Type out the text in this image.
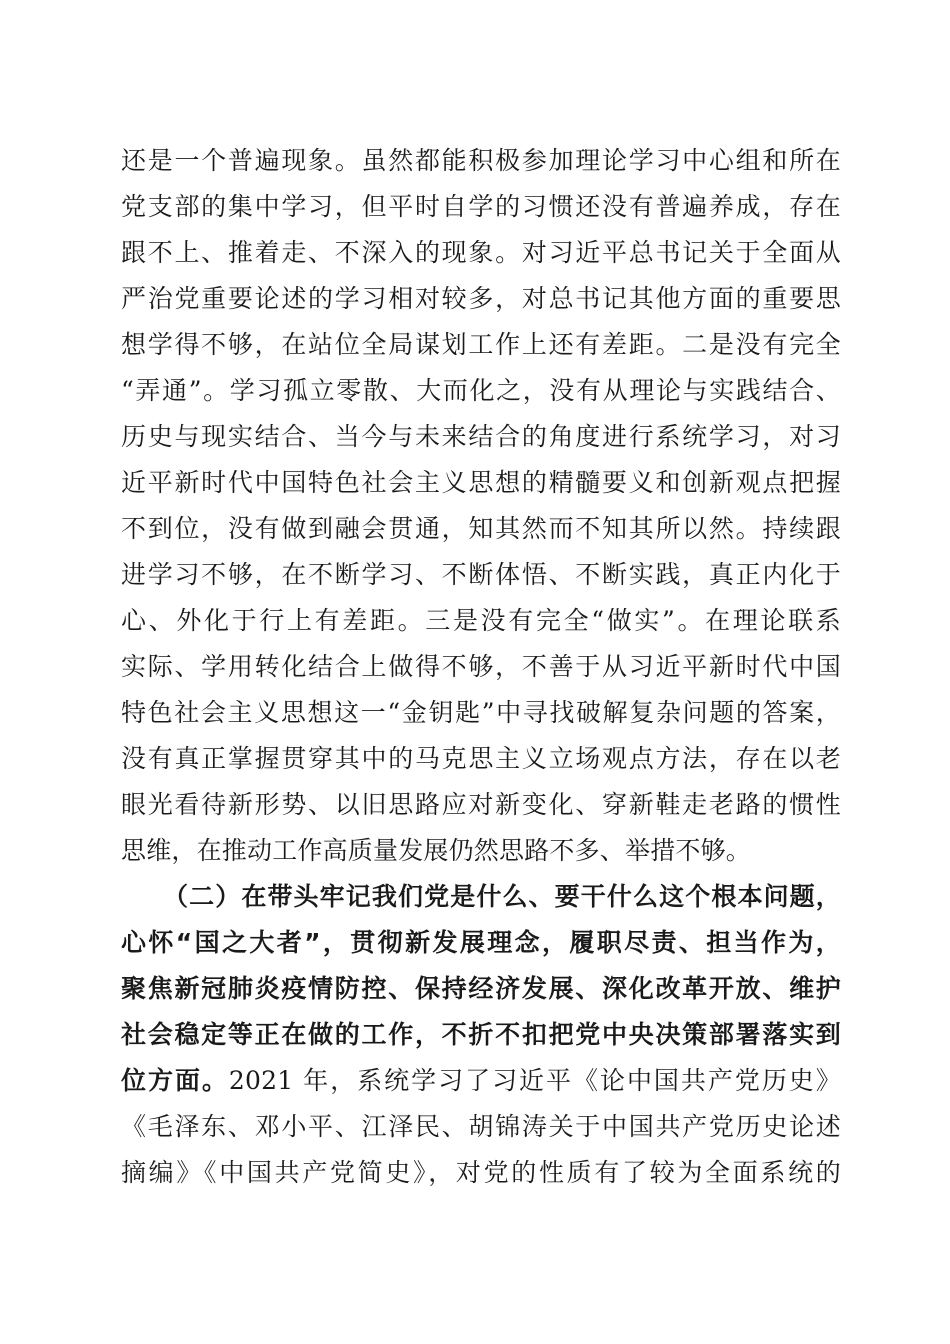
还是一个普遍现象。虽然都能积极参加理论学习中心组和所在
党支部的集中学习，但平时自学的习惯还没有普遍养成，存在
跟不上、推着走、不深入的现象。对习近平总书记关于全面从
严治党重要论述的学习相对较多，对总书记其他方面的重要思
想学得不够，在站位全局谋划工作上还有差距。二是没有完全
“弄通”。学习孤立零散、大而化之，没有从理论与实践结合、
历史与现实结合、当今与未来结合的角度进行系统学习，对习
近平新时代中国特色社会主义思想的精髓要义和创新观点把握
不到位，没有做到融会贯通，知其然而不知其所以然。持续跟
进学习不够，在不断学习、不断体悟、不断实践，真正内化于
心、外化于行上有差距。三是没有完全“做实”。在理论联系
实际、学用转化结合上做得不够，不善于从习近平新时代中国
特色社会主义思想这一“金钥匙”中寻找破解复杂问题的答案，
没有真正掌握贯穿其中的马克思主义立场观点方法，存在以老
眼光看待新形势、以旧思路应对新变化、穿新鞋走老路的惯性
思维，在推动工作高质量发展仍然思路不多、举措不够。
（二）在带头牢记我们党是什么、要干什么这个根本问题，
心怀“国之大者”，贯彻新发展理念，履职尽责、担当作为，
聚焦新冠肺炎疫情防控、保持经济发展、深化改革开放、维护
社会稳定等正在做的工作，不折不扣把党中央决策部署落实到
位方面。2021 年，系统学习了习近平《论中国共产党历史》
《毛泽东、邓小平、江泽民、胡锦涛关于中国共产党历史论述
摘编》《中国共产党简史》，对党的性质有了较为全面系统的
